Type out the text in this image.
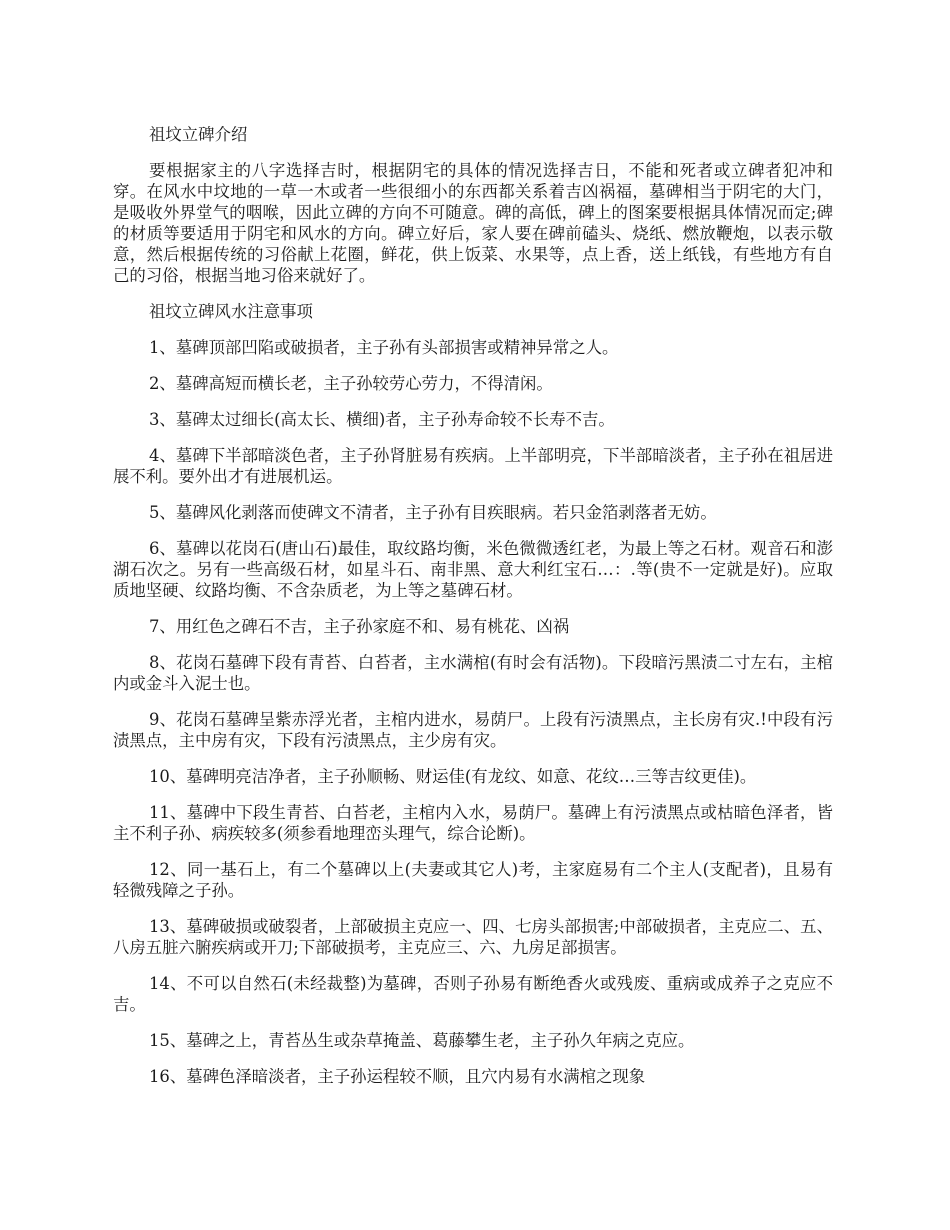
祖坟立碑介绍

要根据家主的八字选择吉时，根据阴宅的具体的情况选择吉日，不能和死者或立碑者犯冲和穿。在风水中坟地的一草一木或者一些很细小的东西都关系着吉凶祸福，墓碑相当于阴宅的大门，是吸收外界堂气的咽喉，因此立碑的方向不可随意。碑的高低，碑上的图案要根据具体情况而定;碑的材质等要适用于阴宅和风水的方向。碑立好后，家人要在碑前磕头、烧纸、燃放鞭炮，以表示敬意，然后根据传统的习俗献上花圈，鲜花，供上饭菜、水果等，点上香，送上纸钱，有些地方有自己的习俗，根据当地习俗来就好了。

祖坟立碑风水注意事项

1、墓碑顶部凹陷或破损者，主子孙有头部损害或精神异常之人。

2、墓碑高短而横长老，主子孙较劳心劳力，不得清闲。

3、墓碑太过细长(高太长、横细)者，主子孙寿命较不长寿不吉。

4、墓碑下半部暗淡色者，主子孙肾脏易有疾病。上半部明亮，下半部暗淡者，主子孙在祖居进展不利。要外出才有进展机运。

5、墓碑风化剥落而使碑文不清者，主子孙有目疾眼病。若只金箔剥落者无妨。

6、墓碑以花岗石(唐山石)最佳，取纹路均衡，米色微微透红老，为最上等之石材。观音石和澎湖石次之。另有一些高级石材，如星斗石、南非黑、意大利红宝石…：.等(贵不一定就是好)。应取质地坚硬、纹路均衡、不含杂质老，为上等之墓碑石材。

7、用红色之碑石不吉，主子孙家庭不和、易有桃花、凶祸

8、花岗石墓碑下段有青苔、白苔者，主水满棺(有时会有活物)。下段暗污黑渍二寸左右，主棺内或金斗入泥士也。

9、花岗石墓碑呈紫赤浮光者，主棺内进水，易荫尸。上段有污渍黑点，主长房有灾.!中段有污渍黑点，主中房有灾，下段有污渍黑点，主少房有灾。

10、墓碑明亮洁净者，主子孙顺畅、财运佳(有龙纹、如意、花纹…三等吉纹更佳)。

11、墓碑中下段生青苔、白苔老，主棺内入水，易荫尸。墓碑上有污渍黑点或枯暗色泽者，皆主不利子孙、病疾较多(须参看地理峦头理气，综合论断)。

12、同一基石上，有二个墓碑以上(夫妻或其它人)考，主家庭易有二个主人(支配者)，且易有轻微残障之子孙。

13、墓碑破损或破裂者，上部破损主克应一、四、七房头部损害;中部破损者，主克应二、五、八房五脏六腑疾病或开刀;下部破损考，主克应三、六、九房足部损害。

14、不可以自然石(未经裁整)为墓碑，否则子孙易有断绝香火或残废、重病或成养子之克应不吉。

15、墓碑之上，青苔丛生或杂草掩盖、葛藤攀生老，主子孙久年病之克应。

16、墓碑色泽暗淡者，主子孙运程较不顺，且穴内易有水满棺之现象
